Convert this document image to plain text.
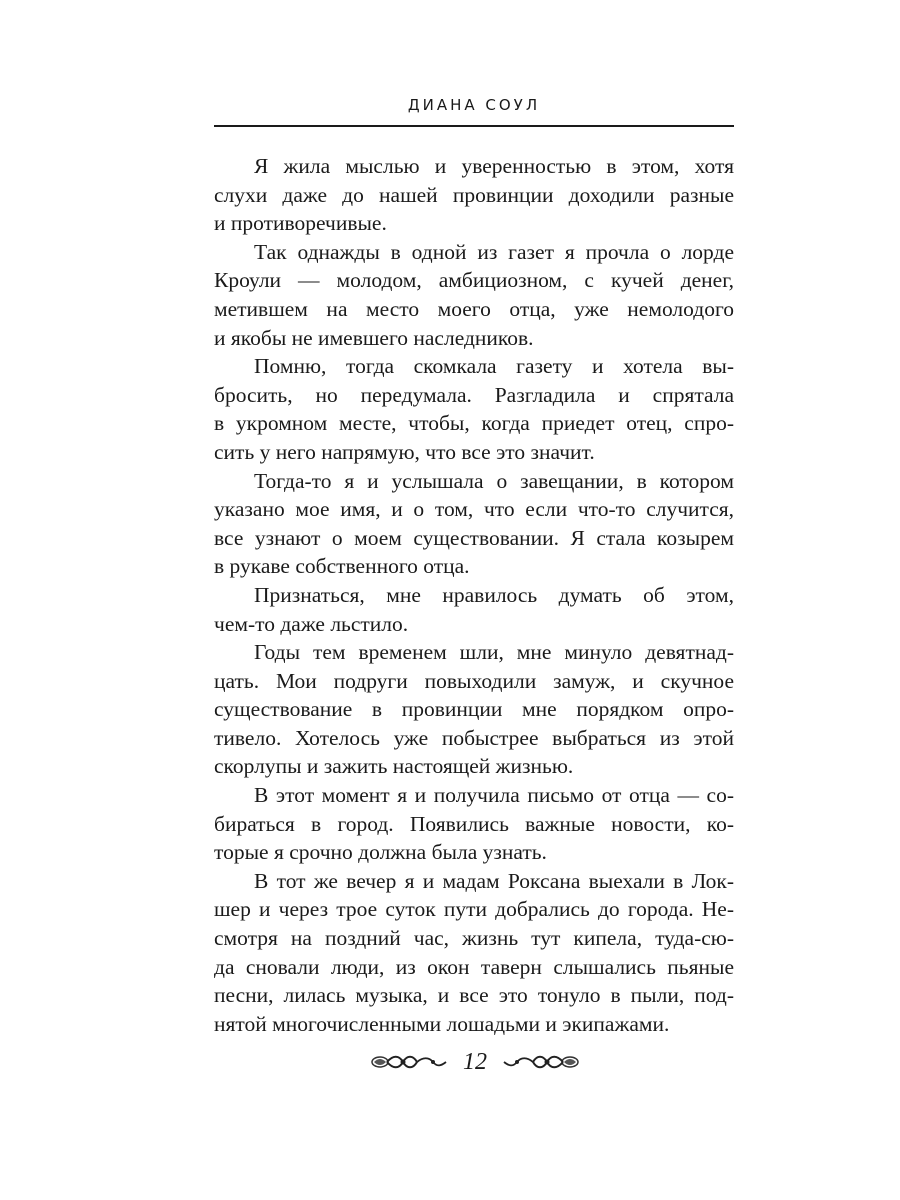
ДИАНА СОУЛ

Я жила мыслью и уверенностью в этом, хотя
слухи даже до нашей провинции доходили разные
и противоречивые.

Так однажды в одной из газет я прочла о лорде
Кроули — молодом, амбициозном, с кучей денег,
метившем на место моего отца, уже немолодого
и якобы не имевшего наследников.

Помню, тогда скомкала газету и хотела вы-
бросить, но передумала. Разгладила и спрятала
в укромном месте, чтобы, когда приедет отец, спро-
сить у него напрямую, что все это значит.

Тогда-то я и услышала о завещании, в котором
указано мое имя, и о том, что если что-то случится,
все узнают о моем существовании. Я стала козырем
в рукаве собственного отца.

Признаться, мне нравилось думать об этом,
чем-то даже льстило.

Годы тем временем шли, мне минуло девятнад-
цать. Мои подруги повыходили замуж, и скучное
существование в провинции мне порядком опро-
тивело. Хотелось уже побыстрее выбраться из этой
скорлупы и зажить настоящей жизнью.

В этот момент я и получила письмо от отца — со-
бираться в город. Появились важные новости, ко-
торые я срочно должна была узнать.

В тот же вечер я и мадам Роксана выехали в Лок-
шер и через трое суток пути добрались до города. Не-
смотря на поздний час, жизнь тут кипела, туда-сю-
да сновали люди, из окон таверн слышались пьяные
песни, лилась музыка, и все это тонуло в пыли, под-
нятой многочисленными лошадьми и экипажами.

12
